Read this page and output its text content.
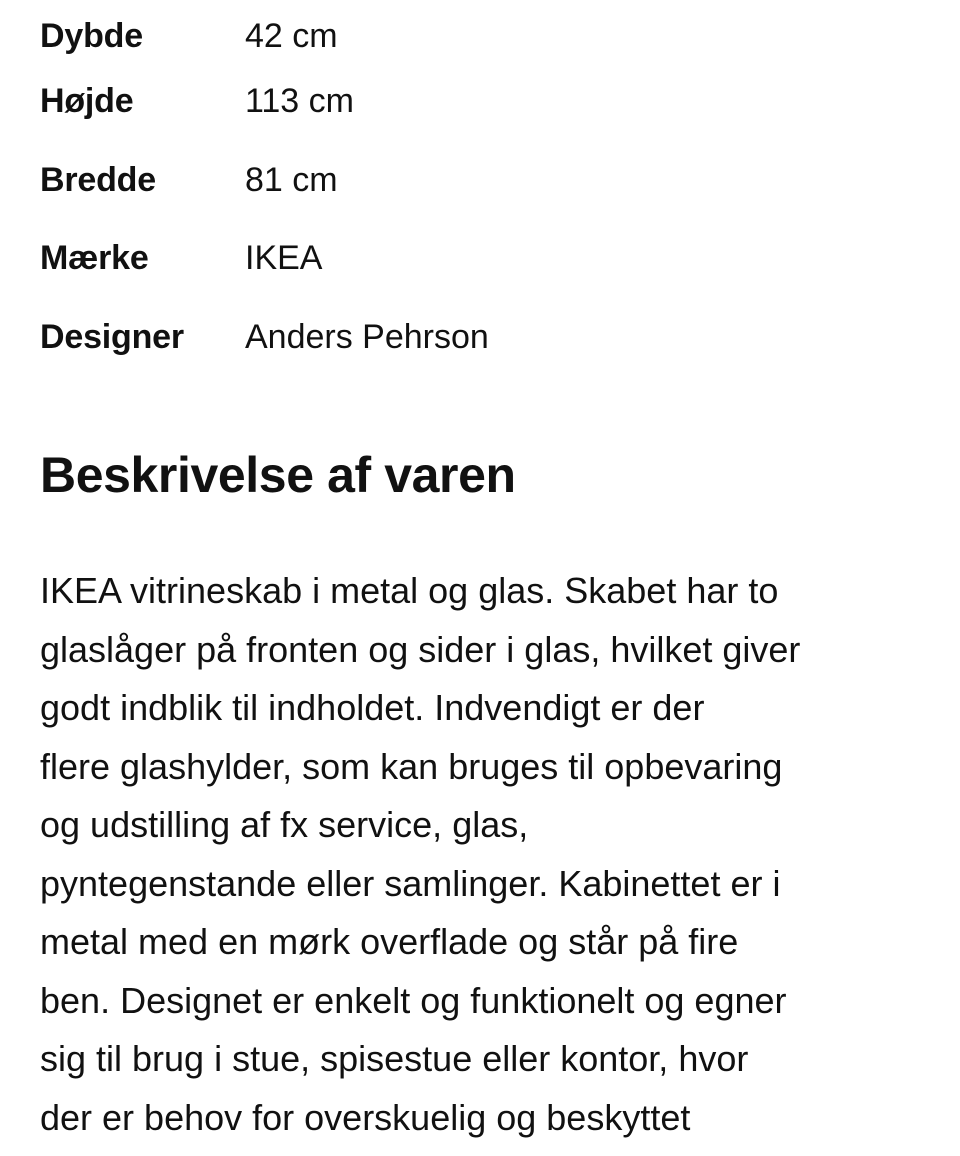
Dybde	42 cm
Højde	113 cm
Bredde	81 cm
Mærke	IKEA
Designer	Anders Pehrson
Beskrivelse af varen

IKEA vitrineskab i metal og glas. Skabet har to
glaslåger på fronten og sider i glas, hvilket giver
godt indblik til indholdet. Indvendigt er der
flere glashylder, som kan bruges til opbevaring
og udstilling af fx service, glas,
pyntegenstande eller samlinger. Kabinettet er i
metal med en mørk overflade og står på fire
ben. Designet er enkelt og funktionelt og egner
sig til brug i stue, spisestue eller kontor, hvor
der er behov for overskuelig og beskyttet
